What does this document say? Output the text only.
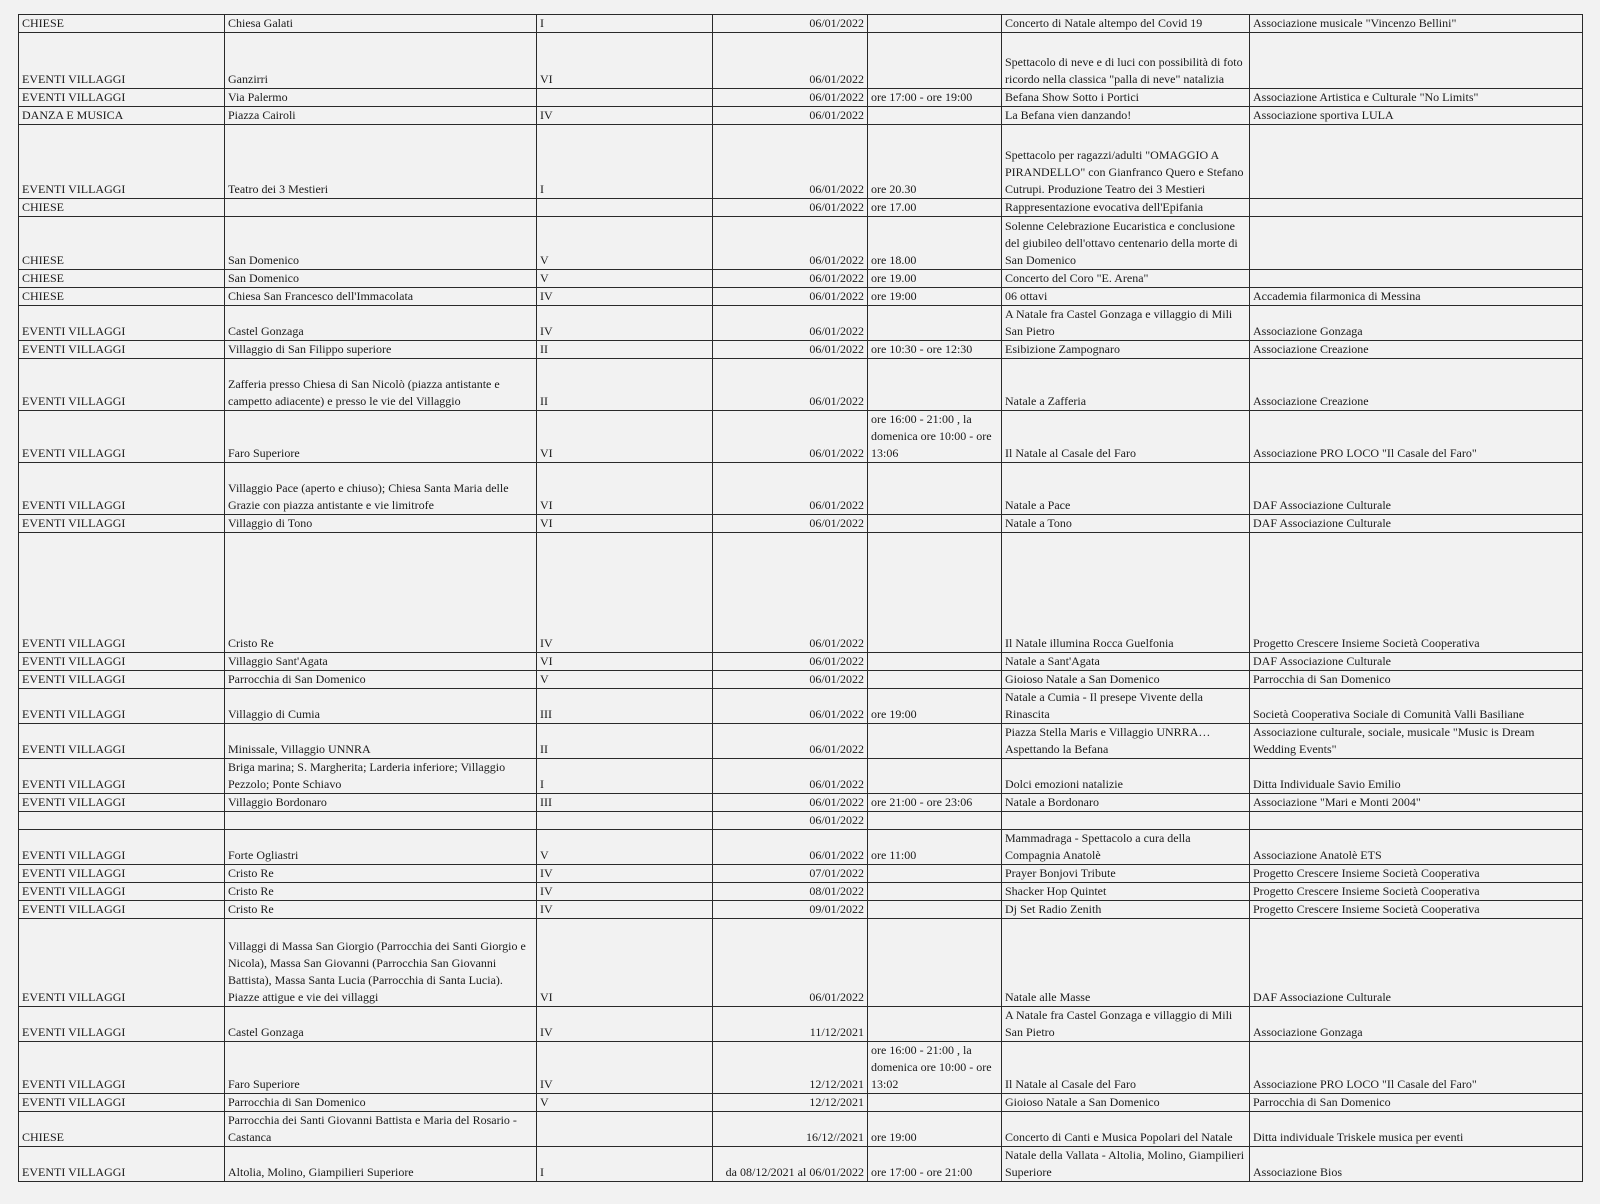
CHIESE	Chiesa Galati	I	06/01/2022		Concerto di Natale altempo del Covid 19	Associazione musicale "Vincenzo Bellini"
EVENTI VILLAGGI	Ganzirri	VI	06/01/2022		Spettacolo di neve e di luci con possibilità di foto ricordo nella classica "palla di neve" natalizia	
EVENTI VILLAGGI	Via Palermo		06/01/2022	ore 17:00 - ore 19:00	Befana Show Sotto i Portici	Associazione Artistica e Culturale "No Limits"
DANZA E MUSICA	Piazza Cairoli	IV	06/01/2022		La Befana vien danzando!	Associazione sportiva LULA
EVENTI VILLAGGI	Teatro dei 3 Mestieri	I	06/01/2022	ore 20.30	Spettacolo per ragazzi/adulti "OMAGGIO A PIRANDELLO" con Gianfranco Quero e Stefano Cutrupi. Produzione Teatro dei 3 Mestieri	
CHIESE			06/01/2022	ore 17.00	Rappresentazione evocativa dell'Epifania	
CHIESE	San Domenico	V	06/01/2022	ore 18.00	Solenne Celebrazione Eucaristica e conclusione del giubileo dell'ottavo centenario della morte di San Domenico	
CHIESE	San Domenico	V	06/01/2022	ore 19.00	Concerto del Coro "E. Arena"	
CHIESE	Chiesa San Francesco dell'Immacolata	IV	06/01/2022	ore 19:00	06 ottavi	Accademia filarmonica di Messina
EVENTI VILLAGGI	Castel Gonzaga	IV	06/01/2022		A Natale fra Castel Gonzaga e villaggio di Mili San Pietro	Associazione Gonzaga
EVENTI VILLAGGI	Villaggio di San Filippo superiore	II	06/01/2022	ore 10:30 - ore 12:30	Esibizione Zampognaro	Associazione Creazione
EVENTI VILLAGGI	Zafferia presso Chiesa di San Nicolò (piazza antistante e campetto adiacente) e presso le vie del Villaggio	II	06/01/2022		Natale a Zafferia	Associazione Creazione
EVENTI VILLAGGI	Faro Superiore	VI	06/01/2022	ore 16:00 - 21:00 , la domenica ore 10:00 - ore 13:06	Il Natale al Casale del Faro	Associazione PRO LOCO "Il Casale del Faro"
EVENTI VILLAGGI	Villaggio Pace (aperto e chiuso); Chiesa Santa Maria delle Grazie con piazza antistante e vie limitrofe	VI	06/01/2022		Natale a Pace	DAF Associazione Culturale
EVENTI VILLAGGI	Villaggio di Tono	VI	06/01/2022		Natale a Tono	DAF Associazione Culturale
EVENTI VILLAGGI	Cristo Re	IV	06/01/2022		Il Natale illumina Rocca Guelfonia	Progetto Crescere Insieme Società Cooperativa
EVENTI VILLAGGI	Villaggio Sant'Agata	VI	06/01/2022		Natale a Sant'Agata	DAF Associazione Culturale
EVENTI VILLAGGI	Parrocchia di San Domenico	V	06/01/2022		Gioioso Natale a San Domenico	Parrocchia di San Domenico
EVENTI VILLAGGI	Villaggio di Cumia	III	06/01/2022	ore 19:00	Natale a Cumia - Il presepe Vivente della Rinascita	Società Cooperativa Sociale di Comunità Valli Basiliane
EVENTI VILLAGGI	Minissale, Villaggio UNNRA	II	06/01/2022		Piazza Stella Maris e Villaggio UNRRA…Aspettando la Befana	Associazione culturale, sociale, musicale "Music is Dream Wedding Events"
EVENTI VILLAGGI	Briga marina; S. Margherita; Larderia inferiore; Villaggio Pezzolo; Ponte Schiavo	I	06/01/2022		Dolci emozioni natalizie	Ditta Individuale Savio Emilio
EVENTI VILLAGGI	Villaggio Bordonaro	III	06/01/2022	ore 21:00 - ore 23:06	Natale a Bordonaro	Associazione "Mari e Monti 2004"
			06/01/2022			
EVENTI VILLAGGI	Forte Ogliastri	V	06/01/2022	ore 11:00	Mammadraga - Spettacolo a cura della Compagnia Anatolè	Associazione Anatolè ETS
EVENTI VILLAGGI	Cristo Re	IV	07/01/2022		Prayer Bonjovi Tribute	Progetto Crescere Insieme Società Cooperativa
EVENTI VILLAGGI	Cristo Re	IV	08/01/2022		Shacker Hop Quintet	Progetto Crescere Insieme Società Cooperativa
EVENTI VILLAGGI	Cristo Re	IV	09/01/2022		Dj Set Radio Zenith	Progetto Crescere Insieme Società Cooperativa
EVENTI VILLAGGI	Villaggi di Massa San Giorgio (Parrocchia dei Santi Giorgio e Nicola), Massa San Giovanni (Parrocchia San Giovanni Battista), Massa Santa Lucia (Parrocchia di Santa Lucia). Piazze attigue e vie dei villaggi	VI	06/01/2022		Natale alle Masse	DAF Associazione Culturale
EVENTI VILLAGGI	Castel Gonzaga	IV	11/12/2021		A Natale fra Castel Gonzaga e villaggio di Mili San Pietro	Associazione Gonzaga
EVENTI VILLAGGI	Faro Superiore	IV	12/12/2021	ore 16:00 - 21:00 , la domenica ore 10:00 - ore 13:02	Il Natale al Casale del Faro	Associazione PRO LOCO "Il Casale del Faro"
EVENTI VILLAGGI	Parrocchia di San Domenico	V	12/12/2021		Gioioso Natale a San Domenico	Parrocchia di San Domenico
CHIESE	Parrocchia dei Santi Giovanni Battista e Maria del Rosario - Castanca		16/12//2021	ore 19:00	Concerto di Canti e Musica Popolari del Natale	Ditta individuale Triskele musica per eventi
EVENTI VILLAGGI	Altolia, Molino, Giampilieri Superiore	I	da 08/12/2021 al 06/01/2022	ore 17:00 - ore 21:00	Natale della Vallata - Altolia, Molino, Giampilieri Superiore	Associazione Bios
